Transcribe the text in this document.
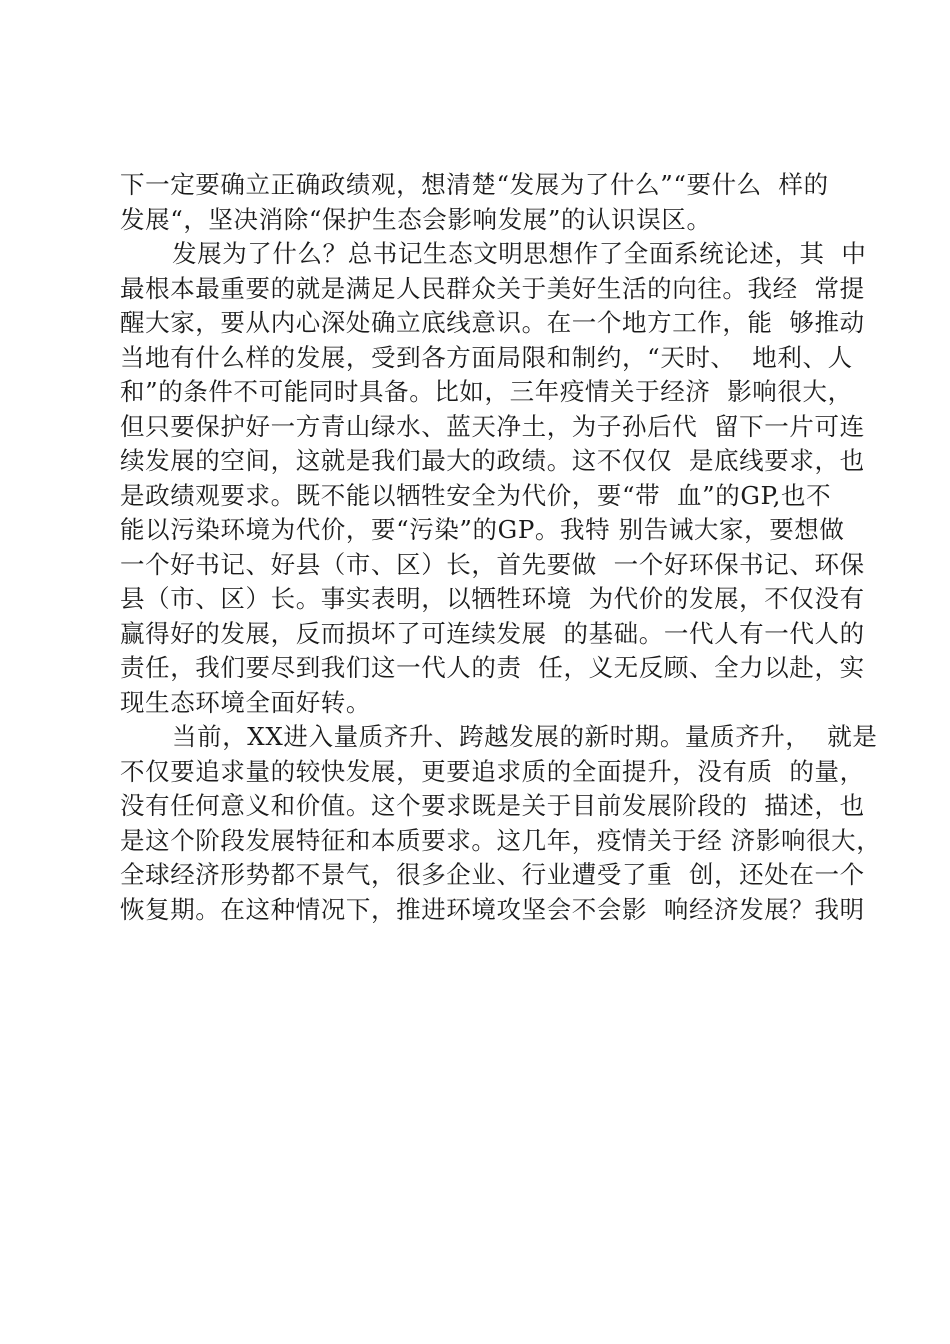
下一定要确立正确政绩观，想清楚“发展为了什么”“要什么  样的
发展“，坚决消除“保护生态会影响发展”的认识误区。
发展为了什么？总书记生态文明思想作了全面系统论述，其  中
最根本最重要的就是满足人民群众关于美好生活的向往。我经  常提
醒大家，要从内心深处确立底线意识。在一个地方工作，能  够推动
当地有什么样的发展，受到各方面局限和制约，“天时、  地利、人
和”的条件不可能同时具备。比如，三年疫情关于经济  影响很大，
但只要保护好一方青山绿水、蓝天净土，为子孙后代  留下一片可连
续发展的空间，这就是我们最大的政绩。这不仅仅  是底线要求，也
是政绩观要求。既不能以牺牲安全为代价，要“带  血”的GP,也不
能以污染环境为代价，要“污染”的GP。我特 别告诫大家，要想做
一个好书记、好县（市、区）长，首先要做  一个好环保书记、环保
县（市、区）长。事实表明，以牺牲环境  为代价的发展，不仅没有
赢得好的发展，反而损坏了可连续发展  的基础。一代人有一代人的
责任，我们要尽到我们这一代人的责  任，义无反顾、全力以赴，实
现生态环境全面好转。
当前，XX进入量质齐升、跨越发展的新时期。量质齐升，  就是
不仅要追求量的较快发展，更要追求质的全面提升，没有质  的量，
没有任何意义和价值。这个要求既是关于目前发展阶段的  描述，也
是这个阶段发展特征和本质要求。这几年，疫情关于经 济影响很大，
全球经济形势都不景气，很多企业、行业遭受了重  创，还处在一个
恢复期。在这种情况下，推进环境攻坚会不会影  响经济发展？我明
